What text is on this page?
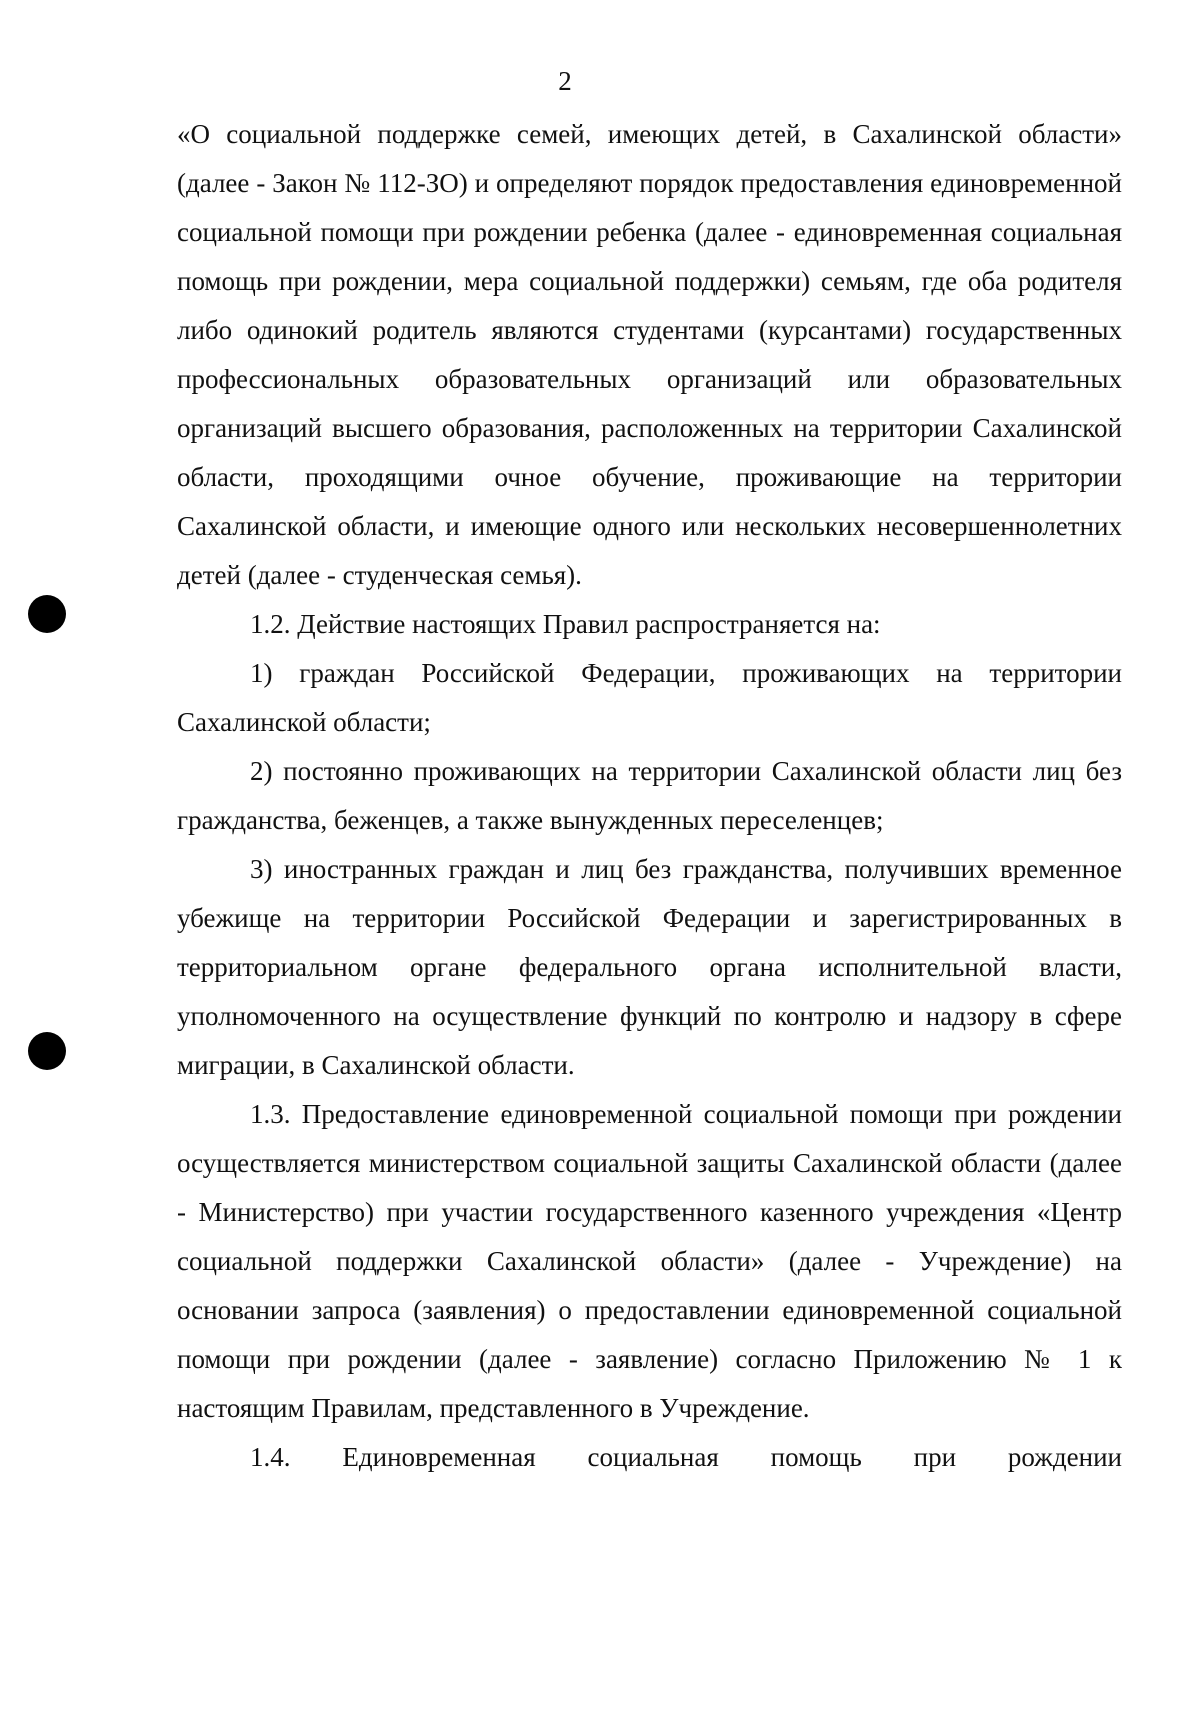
2

«О социальной поддержке семей, имеющих детей, в Сахалинской области» (далее - Закон № 112-ЗО) и определяют порядок предоставления единовременной социальной помощи при рождении ребенка (далее - единовременная социальная помощь при рождении, мера социальной поддержки) семьям, где оба родителя либо одинокий родитель являются студентами (курсантами) государственных профессиональных образовательных организаций или образовательных организаций высшего образования, расположенных на территории Сахалинской области, проходящими очное обучение, проживающие на территории Сахалинской области, и имеющие одного или нескольких несовершеннолетних детей (далее - студенческая семья).

1.2. Действие настоящих Правил распространяется на:

1) граждан Российской Федерации, проживающих на территории Сахалинской области;

2) постоянно проживающих на территории Сахалинской области лиц без гражданства, беженцев, а также вынужденных переселенцев;

3) иностранных граждан и лиц без гражданства, получивших временное убежище на территории Российской Федерации и зарегистрированных в территориальном органе федерального органа исполнительной власти, уполномоченного на осуществление функций по контролю и надзору в сфере миграции, в Сахалинской области.

1.3. Предоставление единовременной социальной помощи при рождении осуществляется министерством социальной защиты Сахалинской области (далее - Министерство) при участии государственного казенного учреждения «Центр социальной поддержки Сахалинской области» (далее - Учреждение) на основании запроса (заявления) о предоставлении единовременной социальной помощи при рождении (далее - заявление) согласно Приложению № 1 к настоящим Правилам, представленного в Учреждение.

1.4. Единовременная социальная помощь при рождении
